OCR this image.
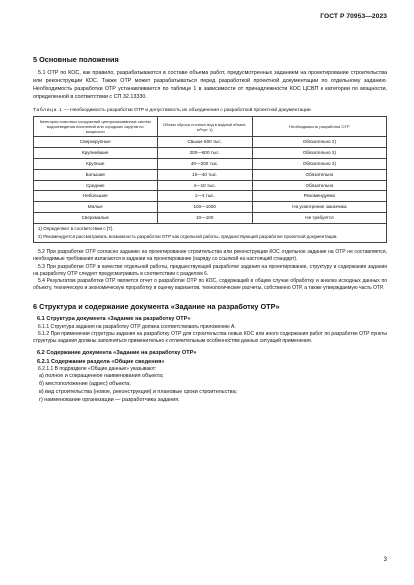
ГОСТ Р 70953—2023
5 Основные положения

5.1 ОТР по КОС, как правило, разрабатываются в составе объема работ, предусмотренных заданием на проектирование строительства или реконструкции КОС. Также ОТР может разрабатываться перед разработкой проектной документации по отдельному заданию. Необходимость разработки ОТР устанавливается по таблице 1 в зависимости от принадлежности КОС ЦСВП к категории по мощности, определенной в соответствии с СП 32.13330.

Таблица 1 — Необходимость разработки ОТР и допустимость их объединения с разработкой проектной документации
Категория очистных сооружений централизованных систем водоотведения поселений или городских округов по мощности	Объем сброса сточных вод в водный объект, м³/сут 1)	Необходимость разработки ОТР
Сверхкрупные	Свыше 600 тыс.	Обязательно 2)
Крупнейшие	200—600 тыс.	Обязательно 2)
Крупные	40—200 тыс.	Обязательно 2)
Большие	10—40 тыс.	Обязательно
Средние	4—10 тыс.	Обязательно
Небольшие	1—4 тыс.	Рекомендуемо
Малые	100—1000	На усмотрение заказчика
Сверхмалые	10—100	Не требуется

1) Определяют в соответствии с [7].
2) Рекомендуется рассматривать возможность разработки ОТР как отдельной работы, предшествующей разработке проектной документации.		

5.2 При разработке ОТР согласно заданию на проектирование строительства или реконструкции КОС отдельное задание на ОТР не составляется, необходимые требования излагаются в задании на проектирование (наряду со ссылкой на настоящий стандарт).

5.3 При разработке ОТР в качестве отдельной работы, предшествующей разработке задания на проектирование, структуру и содержание задания на разработку ОТР следует предусматривать в соответствии с разделом 6.

5.4 Результатом разработки ОТР является отчет о разработке ОТР по КОС, содержащий в общем случае обработку и анализ исходных данных по объекту, техническую и экономическую проработку и оценку вариантов, технологические расчеты, собственно ОТР, а также утверждаемую часть ОТР.

6 Структура и содержание документа «Задание на разработку ОТР»
6.1 Структура документа «Задание на разработку ОТР»

6.1.1 Структура задания на разработку ОТР должна соответствовать приложению А.

6.1.2 При применении структуры задания на разработку ОТР для строительства новых КОС или иного содержания работ по разработке ОТР пункты структуры задания должны заполняться применительно к отличительным особенностям данных ситуаций применения.

6.2 Содержание документа «Задание на разработку ОТР»
6.2.1 Содержание раздела «Общие сведения»

6.2.1.1 В подразделе «Общие данные» указывают:

а) полное и сокращенное наименования объекта;
б) местоположение (адрес) объекта;
в) вид строительства (новое, реконструкция) и плановые сроки строительства;
г) наименование организации — разработчика задания.
3
